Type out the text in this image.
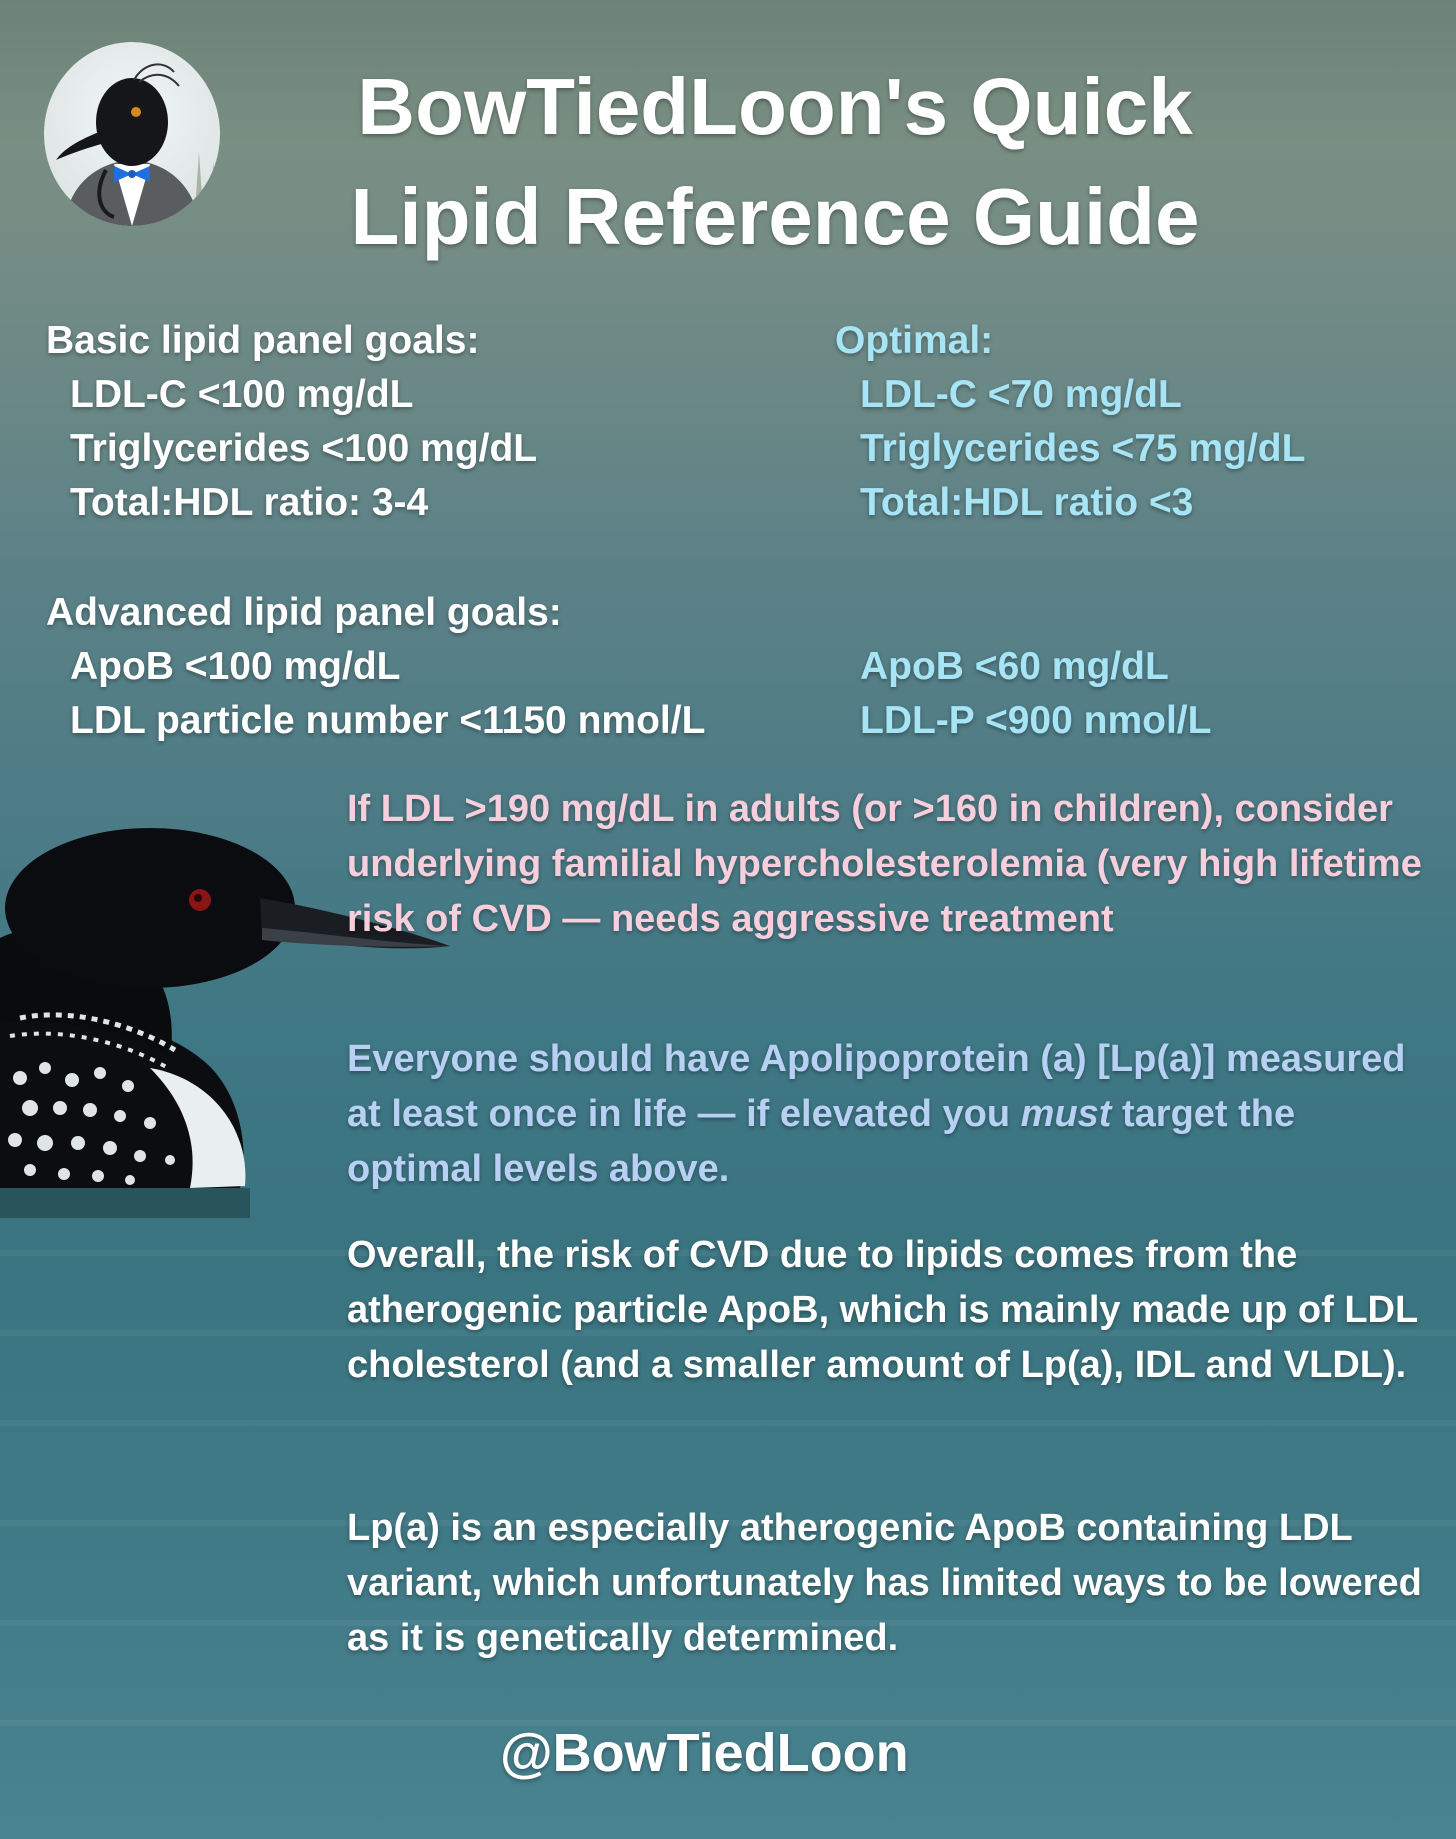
BowTiedLoon's Quick
Lipid Reference Guide
Basic lipid panel goals:
LDL-C <100 mg/dL
Triglycerides <100 mg/dL
Total:HDL ratio: 3-4
Optimal:
LDL-C <70 mg/dL
Triglycerides <75 mg/dL
Total:HDL ratio <3
Advanced lipid panel goals:
ApoB <100 mg/dL
LDL particle number <1150 nmol/L
ApoB <60 mg/dL
LDL-P <900 nmol/L
If LDL >190 mg/dL in adults (or >160 in children), consider underlying familial hypercholesterolemia (very high lifetime risk of CVD — needs aggressive treatment
Everyone should have Apolipoprotein (a) [Lp(a)] measured at least once in life — if elevated you must target the optimal levels above.
Overall, the risk of CVD due to lipids comes from the atherogenic particle ApoB, which is mainly made up of LDL cholesterol (and a smaller amount of Lp(a), IDL and VLDL).
Lp(a) is an especially atherogenic ApoB containing LDL variant, which unfortunately has limited ways to be lowered as it is genetically determined.
@BowTiedLoon
